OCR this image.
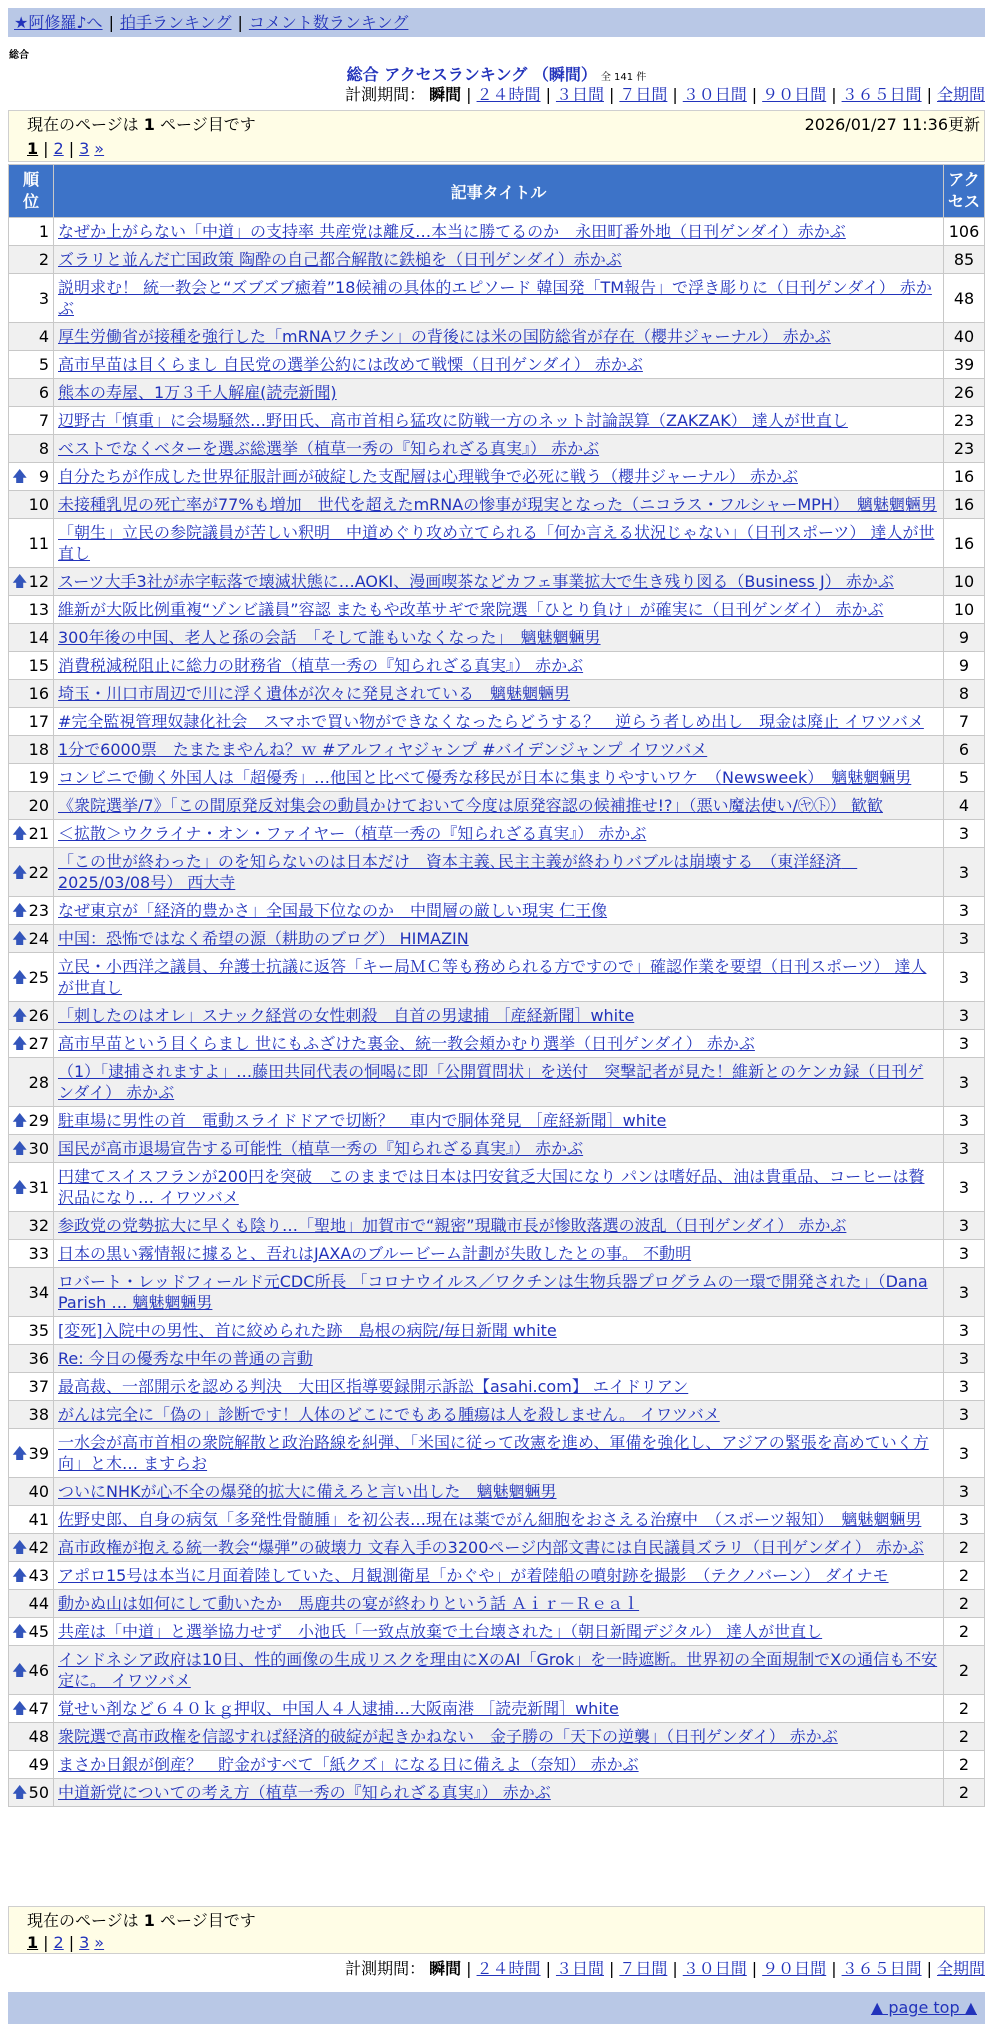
★阿修羅♪へ | 拍手ランキング | コメント数ランキング
総合
総合 アクセスランキング （瞬間） 全 141 件
計測期間： 瞬間 | ２４時間 | ３日間 | ７日間 | ３０日間 | ９０日間 | ３６５日間 | 全期間
現在のページは 1 ページ目です	2026/01/27 11:36更新
1 | 2 | 3 »
順位	記事タイトル	アクセス
1	なぜか上がらない「中道」の支持率 共産党は離反…本当に勝てるのか　永田町番外地（日刊ゲンダイ）赤かぶ	106
2	ズラリと並んだ亡国政策 陶酔の自己都合解散に鉄槌を（日刊ゲンダイ）赤かぶ	85
3	説明求む！ 統一教会と“ズブズブ癒着”18候補の具体的エピソード 韓国発「TM報告」で浮き彫りに（日刊ゲンダイ） 赤かぶ	48
4	厚生労働省が接種を強行した「mRNAワクチン」の背後には米の国防総省が存在（櫻井ジャーナル） 赤かぶ	40
5	高市早苗は目くらまし 自民党の選挙公約には改めて戦慄（日刊ゲンダイ） 赤かぶ	39
6	熊本の寿屋、1万３千人解雇(読売新聞)	26
7	辺野古「慎重」に会場騒然…野田氏、高市首相ら猛攻に防戦一方のネット討論誤算（ZAKZAK） 達人が世直し	23
8	ベストでなくベターを選ぶ総選挙（植草一秀の『知られざる真実』） 赤かぶ	23

🡅 9	自分たちが作成した世界征服計画が破綻した支配層は心理戦争で必死に戦う（櫻井ジャーナル） 赤かぶ	16
10	未接種乳児の死亡率が77%も増加　世代を超えたmRNAの惨事が現実となった（ニコラス・フルシャーMPH）　魑魅魍魎男	16
11	「朝生」立民の参院議員が苦しい釈明　中道めぐり攻め立てられる「何か言える状況じゃない」（日刊スポーツ） 達人が世直し	16

🡅 12	スーツ大手3社が赤字転落で壊滅状態に…AOKI、漫画喫茶などカフェ事業拡大で生き残り図る（Business J） 赤かぶ	10
13	維新が大阪比例重複“ゾンビ議員”容認 またもや改革サギで衆院選「ひとり負け」が確実に（日刊ゲンダイ） 赤かぶ	10
14	300年後の中国、老人と孫の会話　「そして誰もいなくなった」　魑魅魍魎男	9
15	消費税減税阻止に総力の財務省（植草一秀の『知られざる真実』） 赤かぶ	9
16	埼玉・川口市周辺で川に浮く遺体が次々に発見されている　魑魅魍魎男	8
17	#完全監視管理奴隷化社会　スマホで買い物ができなくなったらどうする？　逆らう者しめ出し　現金は廃止 イワツバメ	7
18	1分で6000票　たまたまやんね？ｗ #アルフィヤジャンプ #バイデンジャンプ イワツバメ	6
19	コンビニで働く外国人は「超優秀」…他国と比べて優秀な移民が日本に集まりやすいワケ　（Newsweek）　魑魅魍魎男	5
20	《衆院選挙/7》「この間原発反対集会の動員かけておいて今度は原発容認の候補推せ!?」（悪い魔法使い/㋳㋣） 歓歓	4

🡅 21	＜拡散＞ウクライナ・オン・ファイヤー（植草一秀の『知られざる真実』） 赤かぶ	3

🡅 22	「この世が終わった」のを知らないのは日本だけ　資本主義､民主主義が終わりバブルは崩壊する　（東洋経済　2025/03/08号） 西大寺	3

🡅 23	なぜ東京が「経済的豊かさ」全国最下位なのか　中間層の厳しい現実 仁王像	3

🡅 24	中国：恐怖ではなく希望の源（耕助のブログ） HIMAZIN	3

🡅 25	立民・小西洋之議員、弁護士抗議に返答「キー局ＭＣ等も務められる方ですので」確認作業を要望（日刊スポーツ） 達人が世直し	3

🡅 26	「刺したのはオレ」スナック経営の女性刺殺　自首の男逮捕 ［産経新聞］white	3

🡅 27	高市早苗という目くらまし 世にもふざけた裏金、統一教会頬かむり選挙（日刊ゲンダイ） 赤かぶ	3
28	（1）「逮捕されますよ」…藤田共同代表の恫喝に即「公開質問状」を送付　突撃記者が見た！維新とのケンカ録（日刊ゲンダイ） 赤かぶ	3

🡅 29	駐車場に男性の首　電動スライドドアで切断？　車内で胴体発見 ［産経新聞］white	3

🡅 30	国民が高市退場宣告する可能性（植草一秀の『知られざる真実』） 赤かぶ	3

🡅 31	円建てスイスフランが200円を突破　このままでは日本は円安貧乏大国になり パンは嗜好品、油は貴重品、コーヒーは贅沢品になり… イワツバメ	3
32	参政党の党勢拡大に早くも陰り…「聖地」加賀市で“親密”現職市長が惨敗落選の波乱（日刊ゲンダイ） 赤かぶ	3
33	日本の黒い霧情報に據ると、吾れはJAXAのブルービーム計劃が失敗したとの事。 不動明	3
34	ロバート・レッドフィールド元CDC所長 「コロナウイルス／ワクチンは生物兵器プログラムの一環で開発された」（Dana Parish … 魑魅魍魎男	3
35	[変死]入院中の男性、首に絞められた跡　島根の病院/毎日新聞 white	3
36	Re: 今日の優秀な中年の普通の言動	3
37	最高裁、一部開示を認める判決　大田区指導要録開示訴訟【asahi.com】 エイドリアン	3
38	がんは完全に「偽の」診断です！人体のどこにでもある腫瘍は人を殺しません。 イワツバメ	3

🡅 39	一水会が高市首相の衆院解散と政治路線を糾弾、「米国に従って改憲を進め、軍備を強化し、アジアの緊張を高めていく方向」と木… ますらお	3
40	ついにNHKが心不全の爆発的拡大に備えろと言い出した　魑魅魍魎男	3
41	佐野史郎、自身の病気「多発性骨髄腫」を初公表…現在は薬でがん細胞をおさえる治療中　（スポーツ報知）　魑魅魍魎男	3

🡅 42	高市政権が抱える統一教会“爆弾”の破壊力 文春入手の3200ページ内部文書には自民議員ズラリ（日刊ゲンダイ） 赤かぶ	2

🡅 43	アポロ15号は本当に月面着陸していた、月観測衛星「かぐや」が着陸船の噴射跡を撮影　（テクノバーン） ダイナモ	2
44	動かぬ山は如何にして動いたか　馬鹿共の宴が終わりという話 Ａｉｒ－Ｒｅａｌ	2

🡅 45	共産は「中道」と選挙協力せず　小池氏「一致点放棄で土台壊された」（朝日新聞デジタル） 達人が世直し	2

🡅 46	インドネシア政府は10日、性的画像の生成リスクを理由にXのAI「Grok」を一時遮断。世界初の全面規制でXの通信も不安定に。 イワツバメ	2

🡅 47	覚せい剤など６４０ｋｇ押収、中国人４人逮捕…大阪南港 ［読売新聞］white	2
48	衆院選で高市政権を信認すれば経済的破綻が起きかねない　金子勝の「天下の逆襲」（日刊ゲンダイ） 赤かぶ	2
49	まさか日銀が倒産？　貯金がすべて「紙クズ」になる日に備えよ（奈知） 赤かぶ	2

🡅 50	中道新党についての考え方（植草一秀の『知られざる真実』） 赤かぶ	2
現在のページは 1 ページ目です
1 | 2 | 3 »
計測期間： 瞬間 | ２４時間 | ３日間 | ７日間 | ３０日間 | ９０日間 | ３６５日間 | 全期間
▲ page top ▲
